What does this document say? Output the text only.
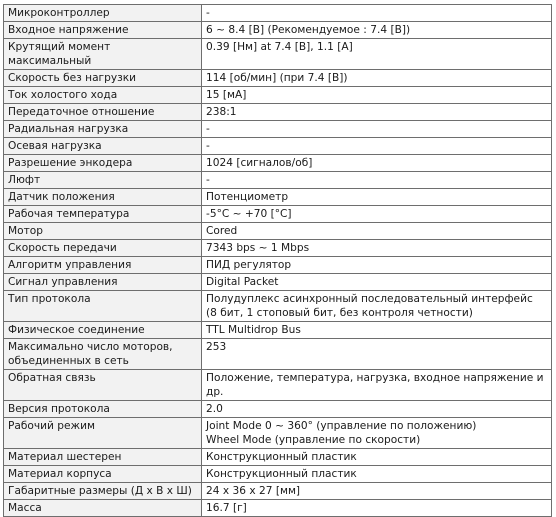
Микроконтроллер	-
Входное напряжение	6 ~ 8.4 [В] (Рекомендуемое : 7.4 [В])
Крутящий момент
максимальный	0.39 [Нм] at 7.4 [В], 1.1 [А]
Скорость без нагрузки	114 [об/мин] (при 7.4 [В])
Ток холостого хода	15 [мА]
Передаточное отношение	238:1
Радиальная нагрузка	-
Осевая нагрузка	-
Разрешение энкодера	1024 [сигналов/об]
Люфт	-
Датчик положения	Потенциометр
Рабочая температура	-5°C ~ +70 [°C]
Мотор	Cored
Скорость передачи	7343 bps ~ 1 Mbps
Алгоритм управления	ПИД регулятор
Сигнал управления	Digital Packet
Тип протокола	Полудуплекс асинхронный последовательный интерфейс
(8 бит, 1 стоповый бит, без контроля четности)
Физическое соединение	TTL Multidrop Bus
Максимально число моторов,
объединенных в сеть	253
Обратная связь	Положение, температура, нагрузка, входное напряжение и
др.
Версия протокола	2.0
Рабочий режим	Joint Mode 0 ~ 360° (управление по положению)
Wheel Mode (управление по скорости)
Материал шестерен	Конструкционный пластик
Материал корпуса	Конструкционный пластик
Габаритные размеры (Д х В х Ш)	24 х 36 х 27 [мм]
Масса	16.7 [г]
